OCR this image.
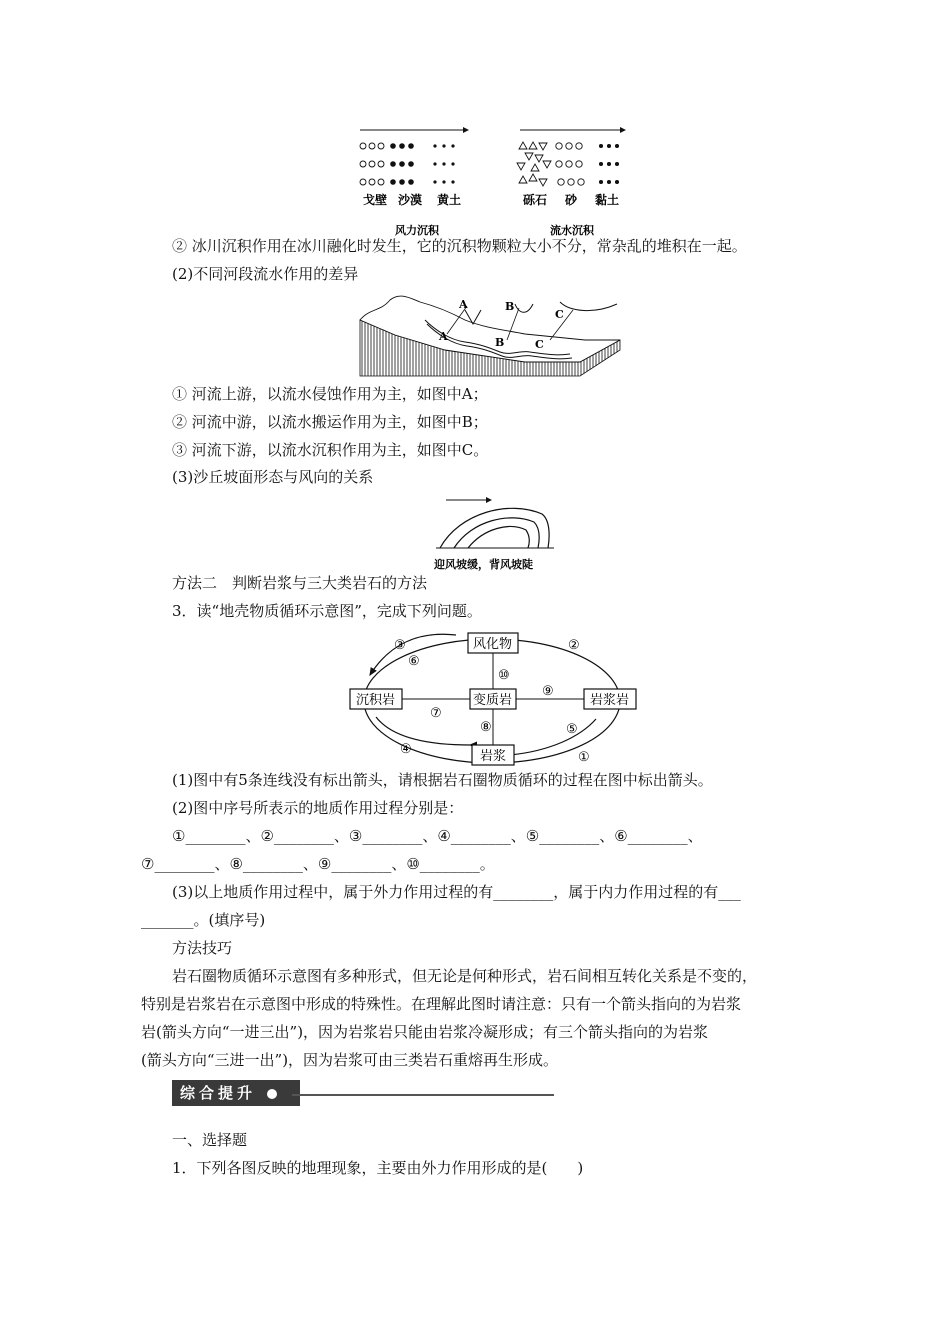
戈壁 沙漠 黄土
风力沉积
砾石 砂 黏土
流水沉积
② 冰川沉积作用在冰川融化时发生，它的沉积物颗粒大小不分，常杂乱的堆积在一起。
(2)不同河段流水作用的差异
A	B
C
A	B	C
① 河流上游，以流水侵蚀作用为主，如图中A；
② 河流中游，以流水搬运作用为主，如图中B；
③ 河流下游，以流水沉积作用为主，如图中C。
(3)沙丘坡面形态与风向的关系
迎风坡缓，背风坡陡
方法二　判断岩浆与三大类岩石的方法
3．读“地壳物质循环示意图”，完成下列问题。
风化物
沉积岩	变质岩	岩浆岩
岩浆
③
⑥
②
⑩
⑨
⑦
⑧	⑤
④
①
(1)图中有5条连线没有标出箭头，请根据岩石圈物质循环的过程在图中标出箭头。
(2)图中序号所表示的地质作用过程分别是：
①________、②________、③________、④________、⑤________、⑥________、
⑦________、⑧________、⑨________、⑩________。
(3)以上地质作用过程中，属于外力作用过程的有________，属于内力作用过程的有___
_______。(填序号)
方法技巧
岩石圈物质循环示意图有多种形式，但无论是何种形式，岩石间相互转化关系是不变的，
特别是岩浆岩在示意图中形成的特殊性。在理解此图时请注意：只有一个箭头指向的为岩浆
岩(箭头方向“一进三出”)，因为岩浆岩只能由岩浆冷凝形成；有三个箭头指向的为岩浆
(箭头方向“三进一出”)，因为岩浆可由三类岩石重熔再生形成。
综合提升
一、选择题
1．下列各图反映的地理现象，主要由外力作用形成的是(　　)
